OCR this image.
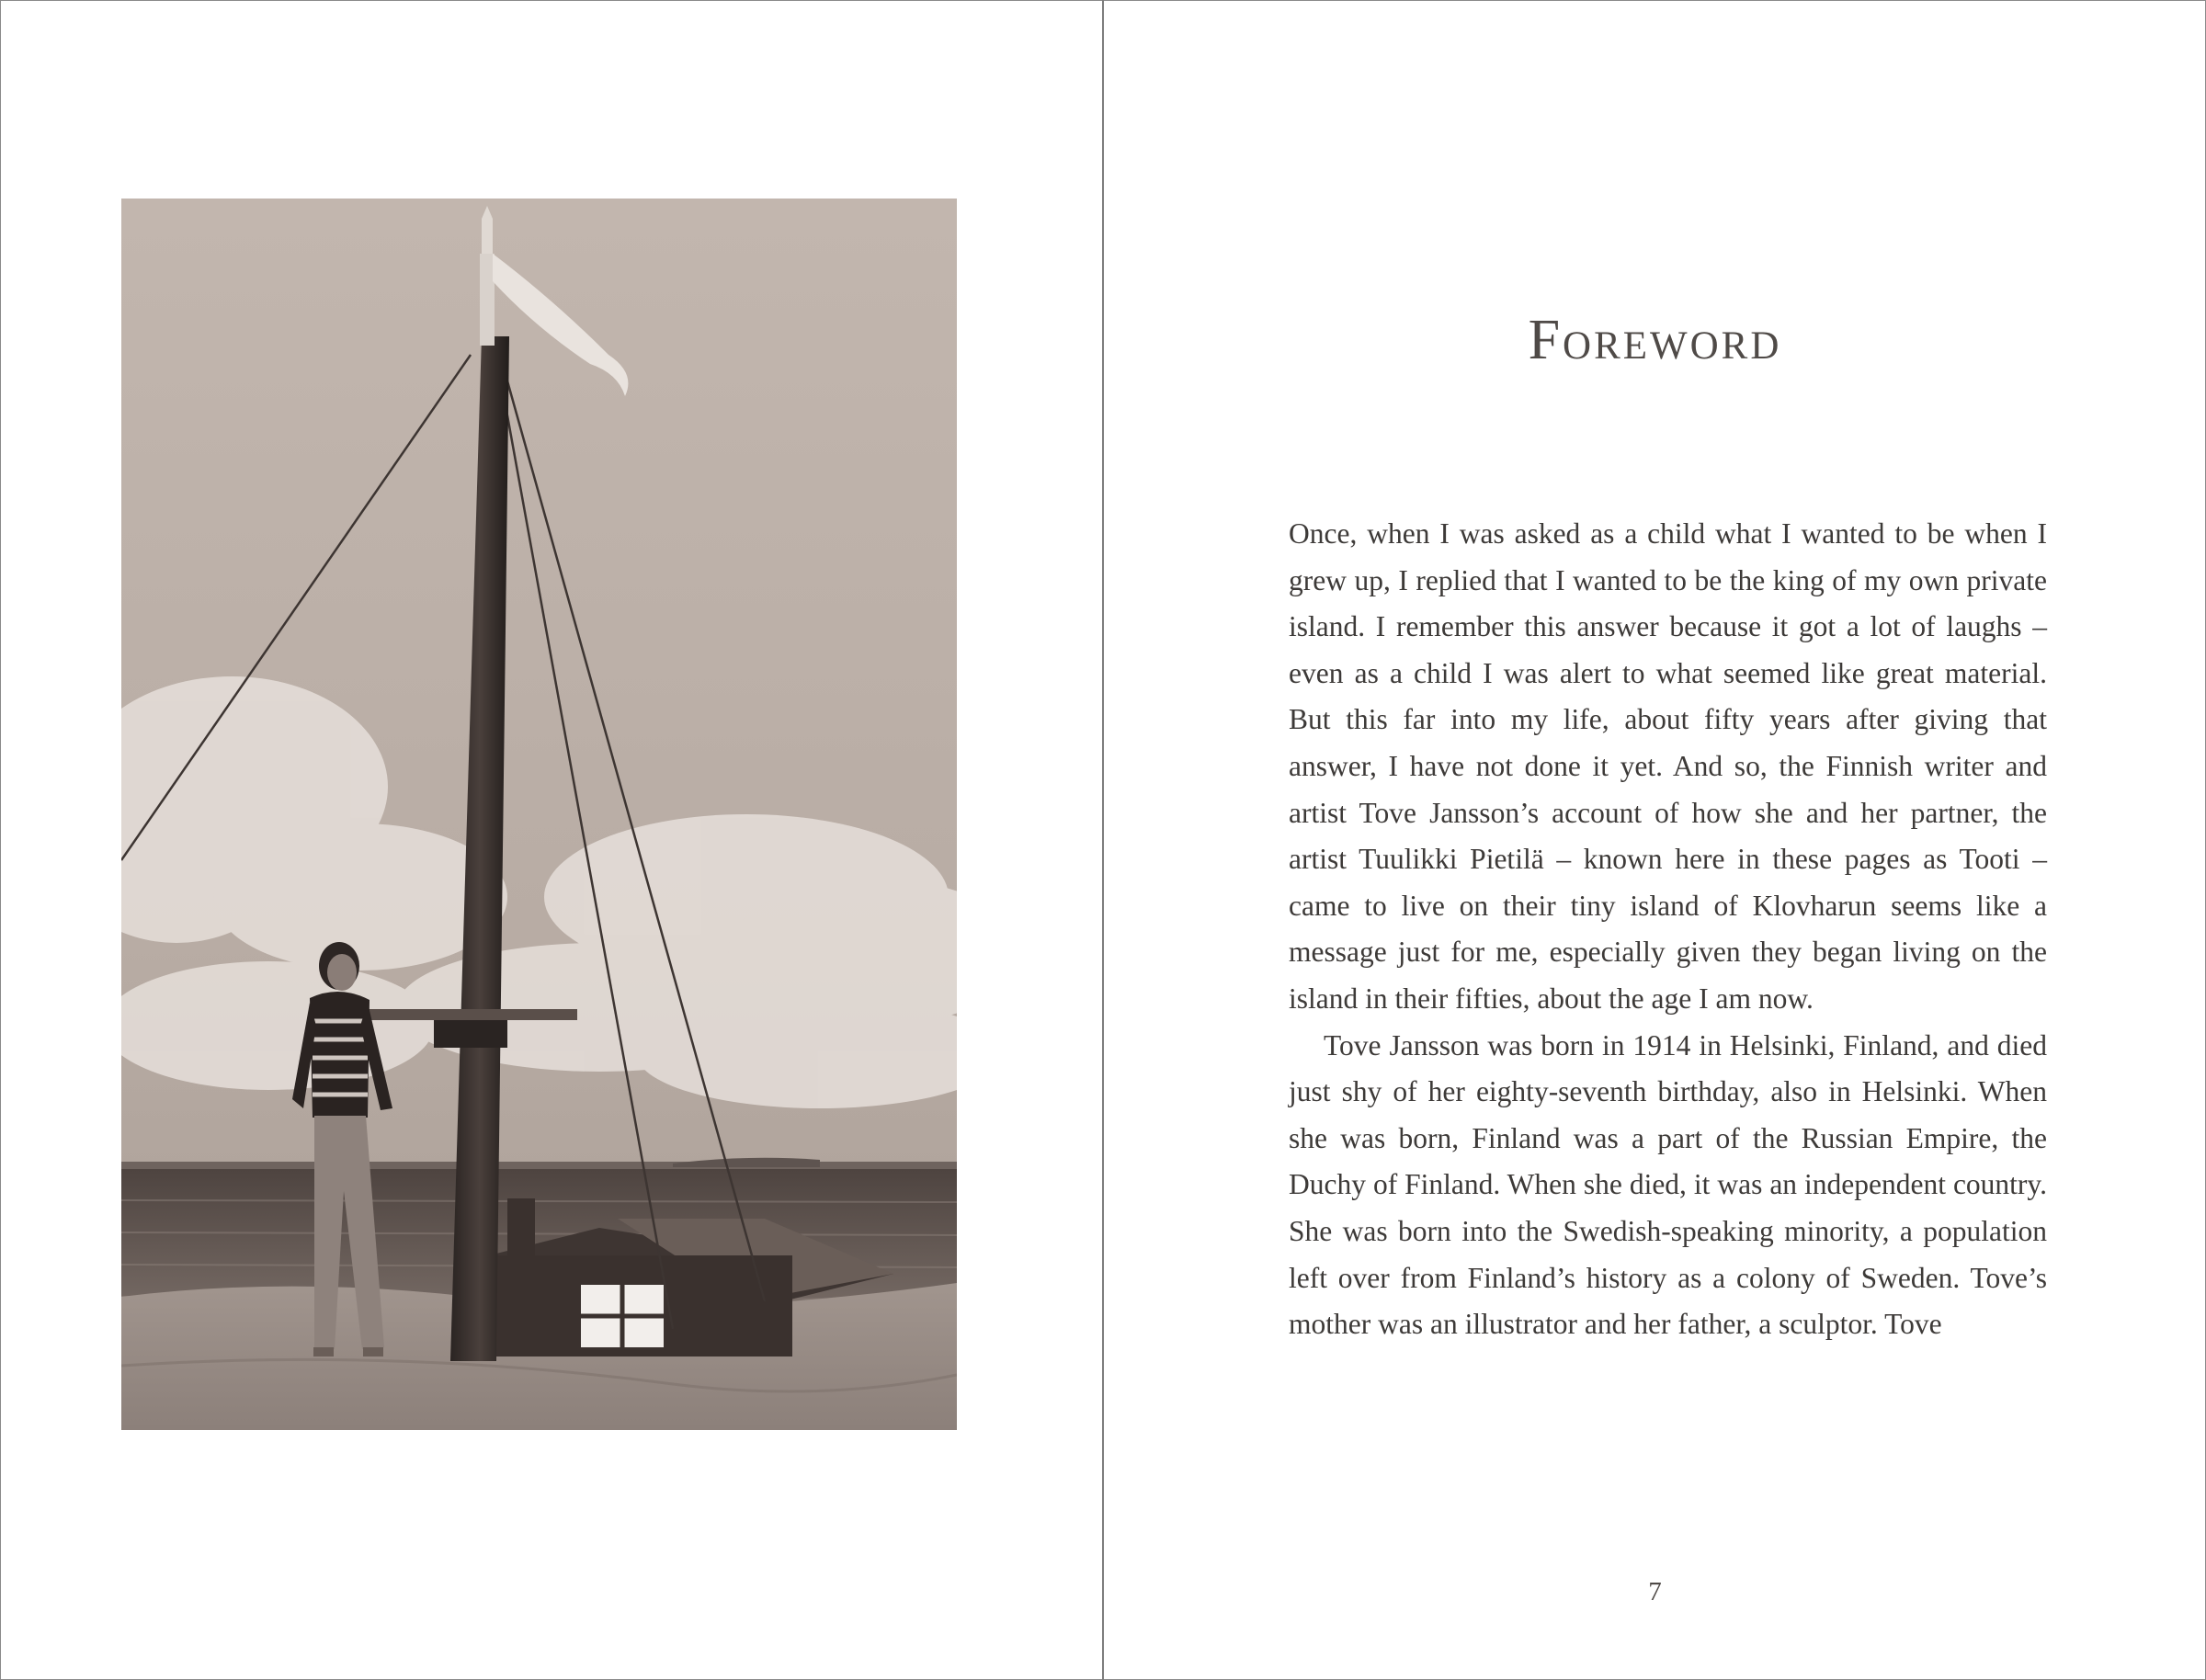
Foreword

Once, when I was asked as a child what I wanted to be when I grew up, I replied that I wanted to be the king of my own private island. I remember this answer because it got a lot of laughs – even as a child I was alert to what seemed like great material. But this far into my life, about fifty years after giving that answer, I have not done it yet. And so, the Finnish writer and artist Tove Jansson’s account of how she and her partner, the artist Tuulikki Pietilä – known here in these pages as Tooti – came to live on their tiny island of Klovharun seems like a message just for me, especially given they began living on the island in their fifties, about the age I am now.

Tove Jansson was born in 1914 in Helsinki, Finland, and died just shy of her eighty-seventh birthday, also in Helsinki. When she was born, Finland was a part of the Russian Empire, the Duchy of Finland. When she died, it was an independent country. She was born into the Swedish-speaking minority, a population left over from Finland’s history as a colony of Sweden. Tove’s mother was an illustrator and her father, a sculptor. Tove

7
